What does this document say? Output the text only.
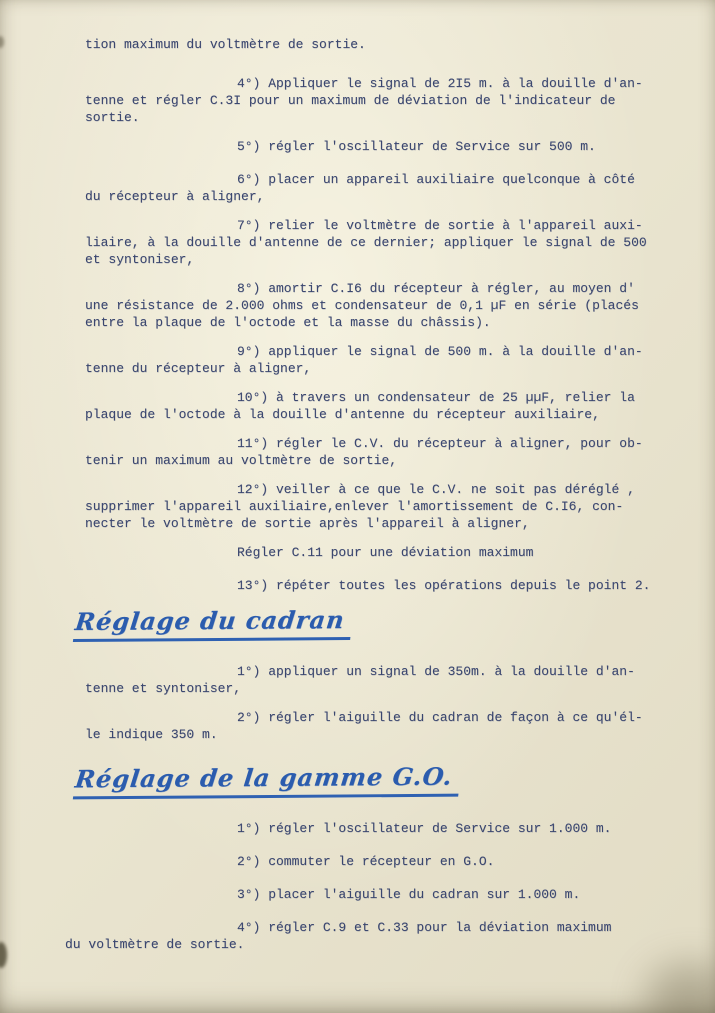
tion maximum du voltmètre de sortie.
4°) Appliquer le signal de 2I5 m. à la douille d'an-
tenne et régler C.3I pour un maximum de déviation de l'indicateur de
sortie.
5°) régler l'oscillateur de Service sur 500 m.
6°) placer un appareil auxiliaire quelconque à côté
du récepteur à aligner,
7°) relier le voltmètre de sortie à l'appareil auxi-
liaire, à la douille d'antenne de ce dernier; appliquer le signal de 500
et syntoniser,
8°) amortir C.I6 du récepteur à régler, au moyen d'
une résistance de 2.000 ohms et condensateur de 0,1 µF en série (placés
entre la plaque de l'octode et la masse du châssis).
9°) appliquer le signal de 500 m. à la douille d'an-
tenne du récepteur à aligner,
10°) à travers un condensateur de 25 µµF, relier la
plaque de l'octode à la douille d'antenne du récepteur auxiliaire,
11°) régler le C.V. du récepteur à aligner, pour ob-
tenir un maximum au voltmètre de sortie,
12°) veiller à ce que le C.V. ne soit pas déréglé ,
supprimer l'appareil auxiliaire,enlever l'amortissement de C.I6, con-
necter le voltmètre de sortie après l'appareil à aligner,
Régler C.11 pour une déviation maximum
13°) répéter toutes les opérations depuis le point 2.
Réglage du cadran
1°) appliquer un signal de 350m. à la douille d'an-
tenne et syntoniser,
2°) régler l'aiguille du cadran de façon à ce qu'él-
le indique 350 m.
Réglage de la gamme G.O.
1°) régler l'oscillateur de Service sur 1.000 m.
2°) commuter le récepteur en G.O.
3°) placer l'aiguille du cadran sur 1.000 m.
4°) régler C.9 et C.33 pour la déviation maximum
du voltmètre de sortie.
